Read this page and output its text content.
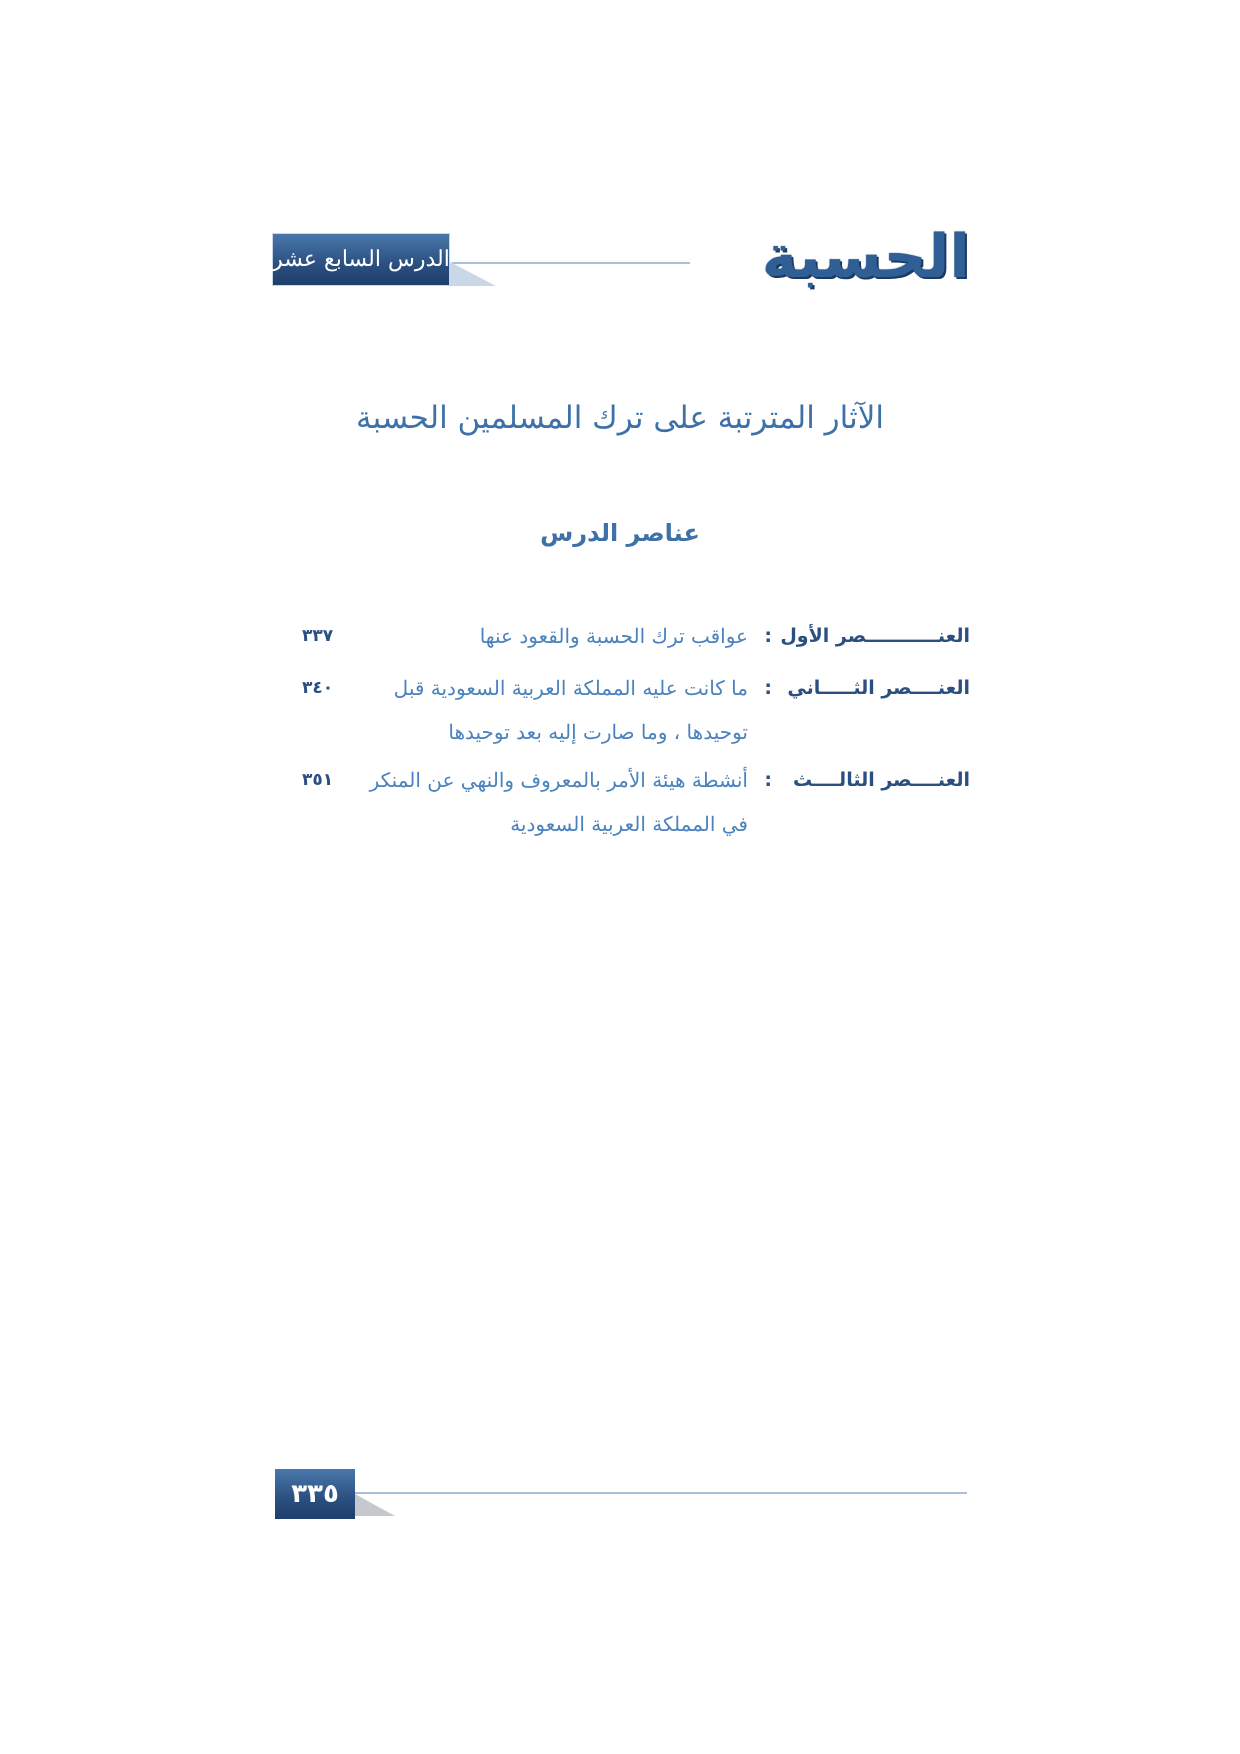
الحسبة
الدرس السابع عشر
الآثار المترتبة على ترك المسلمين الحسبة
عناصر الدرس
العنـــــــــــصر الأول
:
عواقب ترك الحسبة والقعود عنها
٣٣٧
العنــــصر الثـــــاني
:
ما كانت عليه المملكة العربية السعودية قبل توحيدها ، وما صارت إليه بعد توحيدها
٣٤٠
العنــــصر الثالــــث
:
أنشطة هيئة الأمر بالمعروف والنهي عن المنكر في المملكة العربية السعودية
٣٥١
٣٣٥
